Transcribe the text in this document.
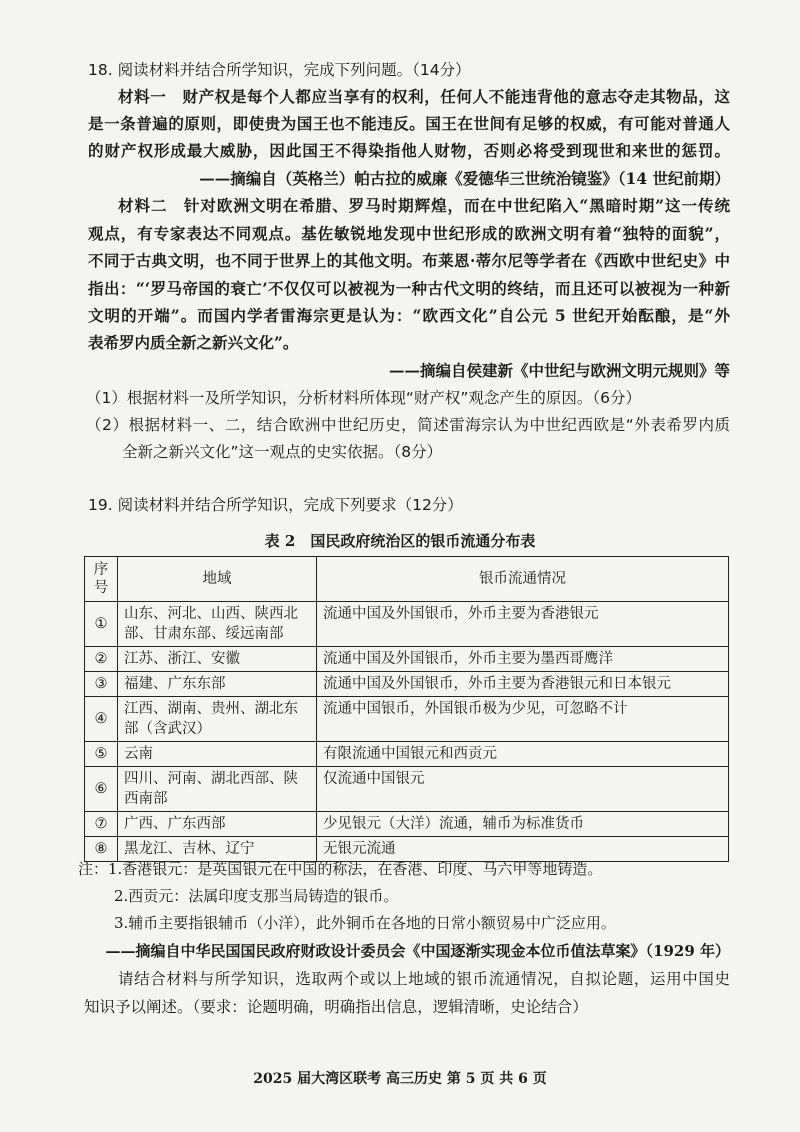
18. 阅读材料并结合所学知识，完成下列问题。（14分）
材料一　财产权是每个人都应当享有的权利，任何人不能违背他的意志夺走其物品，这
是一条普遍的原则，即使贵为国王也不能违反。国王在世间有足够的权威，有可能对普通人
的财产权形成最大威胁，因此国王不得染指他人财物，否则必将受到现世和来世的惩罚。
——摘编自（英格兰）帕古拉的威廉《爱德华三世统治镜鉴》（14 世纪前期）
材料二　针对欧洲文明在希腊、罗马时期辉煌，而在中世纪陷入“黑暗时期”这一传统
观点，有专家表达不同观点。基佐敏锐地发现中世纪形成的欧洲文明有着“独特的面貌”，
不同于古典文明，也不同于世界上的其他文明。布莱恩·蒂尔尼等学者在《西欧中世纪史》中
指出：“‘罗马帝国的衰亡’不仅仅可以被视为一种古代文明的终结，而且还可以被视为一种新
文明的开端”。而国内学者雷海宗更是认为：“欧西文化”自公元 5 世纪开始酝酿，是“外
表希罗内质全新之新兴文化”。
——摘编自侯建新《中世纪与欧洲文明元规则》等
（1）根据材料一及所学知识，分析材料所体现“财产权”观念产生的原因。（6分）
（2）根据材料一、二，结合欧洲中世纪历史，简述雷海宗认为中世纪西欧是“外表希罗内质
全新之新兴文化”这一观点的史实依据。（8分）
19. 阅读材料并结合所学知识，完成下列要求（12分）
表 2　国民政府统治区的银币流通分布表
序号	地域	银币流通情况
①	山东、河北、山西、陕西北部、甘肃东部、绥远南部	流通中国及外国银币，外币主要为香港银元
②	江苏、浙江、安徽	流通中国及外国银币，外币主要为墨西哥鹰洋
③	福建、广东东部	流通中国及外国银币，外币主要为香港银元和日本银元
④	江西、湖南、贵州、湖北东部（含武汉）	流通中国银币，外国银币极为少见，可忽略不计
⑤	云南	有限流通中国银元和西贡元
⑥	四川、河南、湖北西部、陕西南部	仅流通中国银元
⑦	广西、广东西部	少见银元（大洋）流通，辅币为标准货币
⑧	黑龙江、吉林、辽宁	无银元流通
注：1.香港银元：是英国银元在中国的称法，在香港、印度、马六甲等地铸造。
2.西贡元：法属印度支那当局铸造的银币。
3.辅币主要指银辅币（小洋），此外铜币在各地的日常小额贸易中广泛应用。
——摘编自中华民国国民政府财政设计委员会《中国逐渐实现金本位币值法草案》（1929 年）
请结合材料与所学知识，选取两个或以上地域的银币流通情况，自拟论题，运用中国史
知识予以阐述。（要求：论题明确，明确指出信息，逻辑清晰，史论结合）
2025 届大湾区联考 高三历史 第 5 页 共 6 页
